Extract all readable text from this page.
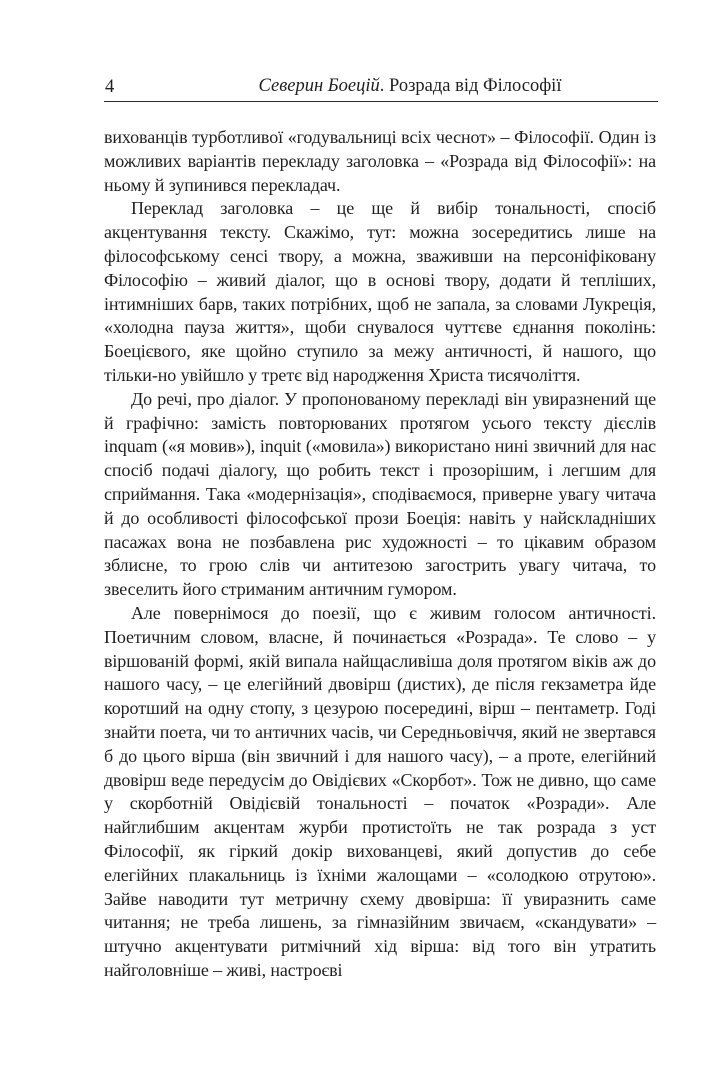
4	Северин Боецій. Розрада від Філософії

вихованців турботливої «годувальниці всіх чеснот» – Філософії. Один із можливих варіантів перекладу заголовка – «Розрада від Філософії»: на ньому й зупинився перекладач.

Переклад заголовка – це ще й вибір тональності, спосіб акцентування тексту. Скажімо, тут: можна зосередитись лише на філософському сенсі твору, а можна, зваживши на персоніфіковану Філософію – живий діалог, що в основі твору, додати й тепліших, інтимніших барв, таких потрібних, щоб не запала, за словами Лукреція, «холодна пауза життя», щоби снувалося чуттєве єднання поколінь: Боецієвого, яке щойно ступило за межу античності, й нашого, що тільки-но увійшло у третє від народження Христа тисячоліття.

До речі, про діалог. У пропонованому перекладі він увиразнений ще й графічно: замість повторюваних протягом усього тексту дієслів inquam («я мовив»), inquit («мовила») використано нині звичний для нас спосіб подачі діалогу, що робить текст і прозорішим, і легшим для сприймання. Така «модернізація», сподіваємося, приверне увагу читача й до особливості філософської прози Боеція: навіть у найскладніших пасажах вона не позбавлена рис художності – то цікавим образом зблисне, то грою слів чи антитезою загострить увагу читача, то звеселить його стриманим античним гумором.

Але повернімося до поезії, що є живим голосом античності. Поетичним словом, власне, й починається «Розрада». Те слово – у віршованій формі, якій випала найщасливіша доля протягом віків аж до нашого часу, – це елегійний двовірш (дистих), де після гекзаметра йде коротший на одну стопу, з цезурою посередині, вірш – пентаметр. Годі знайти поета, чи то античних часів, чи Середньовіччя, який не звертався б до цього вірша (він звичний і для нашого часу), – а проте, елегійний двовірш веде передусім до Овідієвих «Скорбот». Тож не дивно, що саме у скорботній Овідієвій тональності – початок «Розради». Але найглибшим акцентам журби протистоїть не так розрада з уст Філософії, як гіркий докір вихованцеві, який допустив до себе елегійних плакальниць із їхніми жалощами – «солодкою отрутою». Зайве наводити тут метричну схему двовірша: її увиразнить саме читання; не треба лишень, за гімназійним звичаєм, «скандувати» – штучно акцентувати ритмічний хід вірша: від того він утратить найголовніше – живі, настроєві
